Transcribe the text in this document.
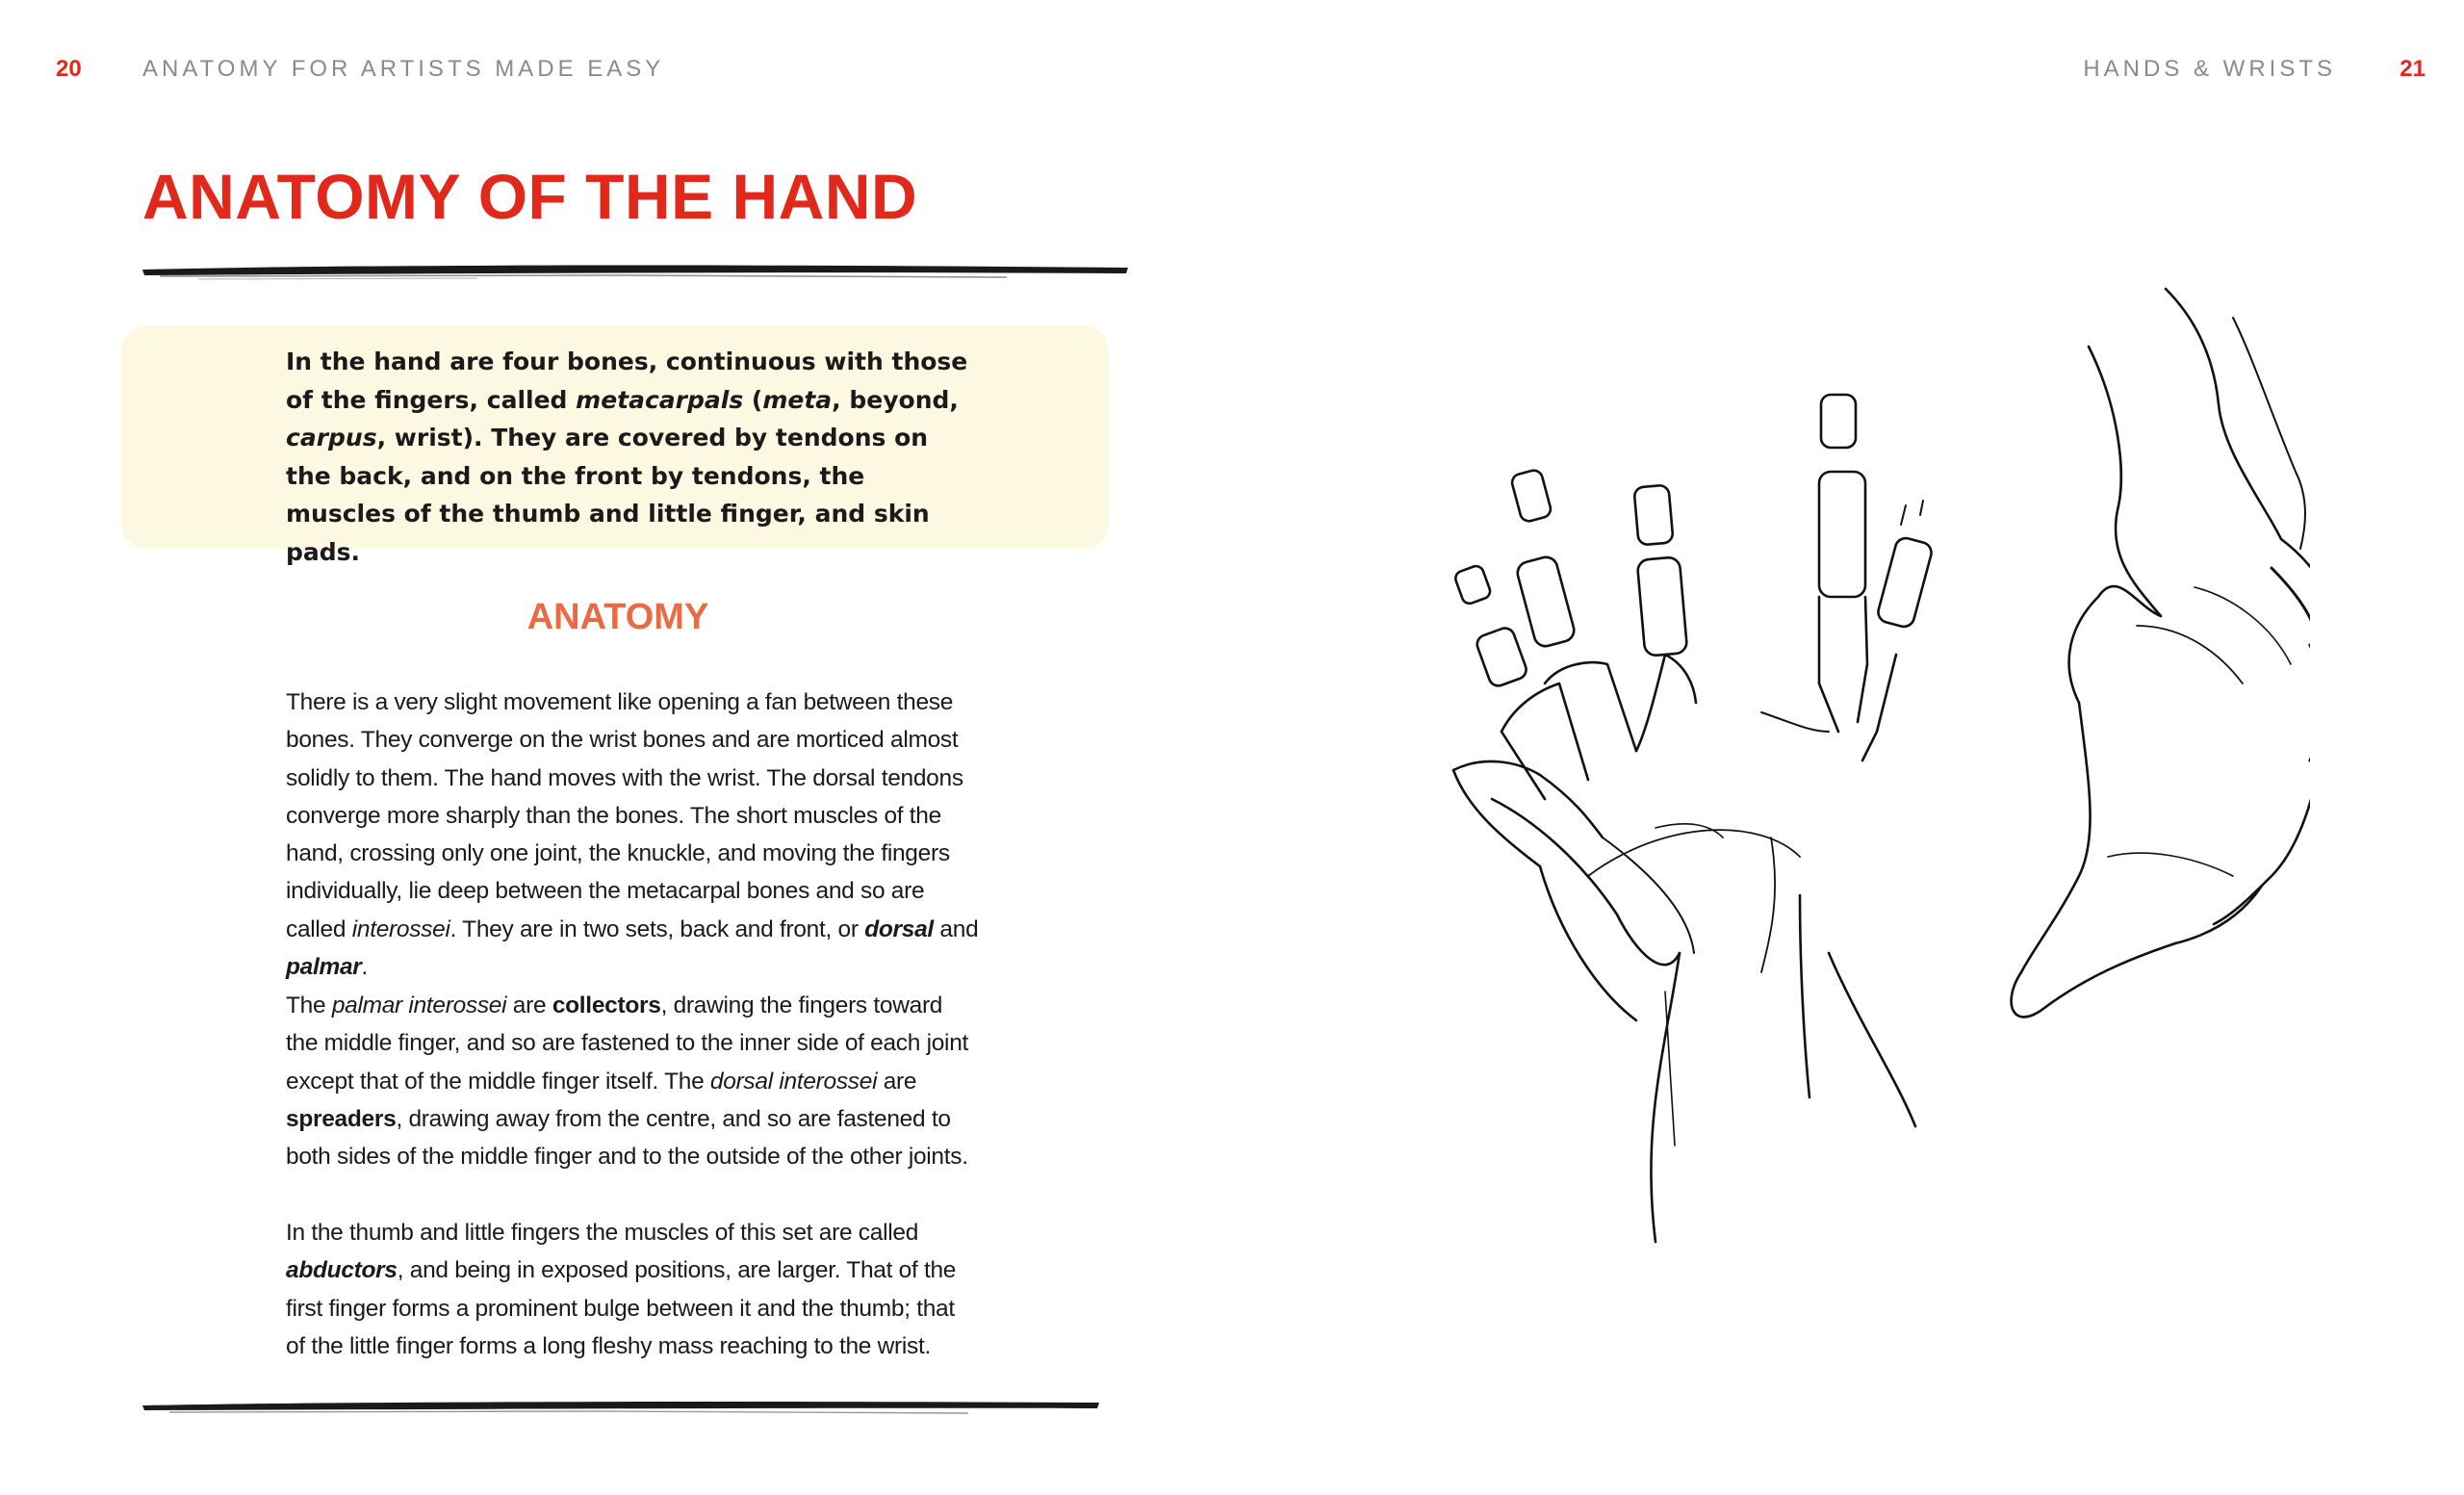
20	ANATOMY FOR ARTISTS MADE EASY	HANDS & WRISTS	21
ANATOMY OF THE HAND

In the hand are four bones, continuous with those of the fingers, called metacarpals (meta, beyond, carpus, wrist). They are covered by tendons on the back, and on the front by tendons, the muscles of the thumb and little finger, and skin pads.

ANATOMY

There is a very slight movement like opening a fan between these bones. They converge on the wrist bones and are morticed almost solidly to them. The hand moves with the wrist. The dorsal tendons converge more sharply than the bones. The short muscles of the hand, crossing only one joint, the knuckle, and moving the fingers individually, lie deep between the metacarpal bones and so are called interossei. They are in two sets, back and front, or dorsal and palmar.

The palmar interossei are collectors, drawing the fingers toward the middle finger, and so are fastened to the inner side of each joint except that of the middle finger itself. The dorsal interossei are spreaders, drawing away from the centre, and so are fastened to both sides of the middle finger and to the outside of the other joints.

In the thumb and little fingers the muscles of this set are called abductors, and being in exposed positions, are larger. That of the first finger forms a prominent bulge between it and the thumb; that of the little finger forms a long fleshy mass reaching to the wrist.
